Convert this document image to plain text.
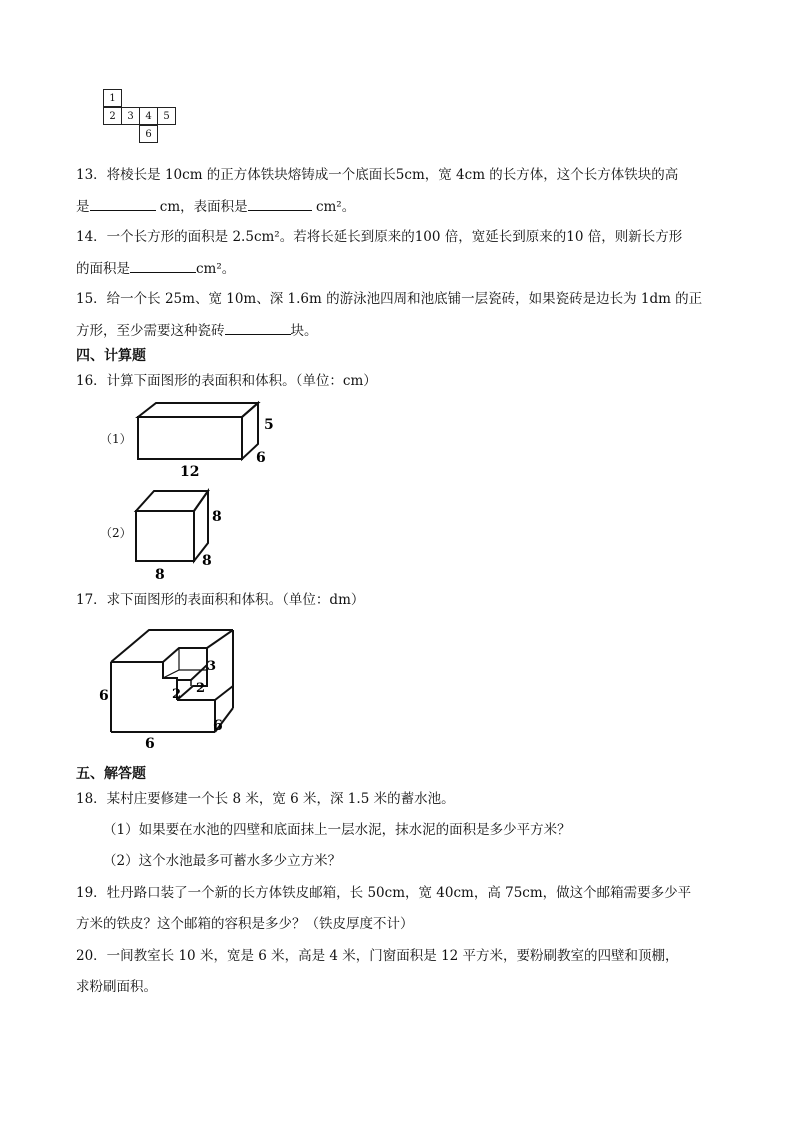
1
2	3	4	5
6
13．将棱长是 10cm 的正方体铁块熔铸成一个底面长5cm，宽 4cm 的长方体，这个长方体铁块的高
是	cm，表面积是	cm²。
14．一个长方形的面积是 2.5cm²。若将长延长到原来的100 倍，宽延长到原来的10 倍，则新长方形
的面积是	cm²。
15．给一个长 25m、宽 10m、深 1.6m 的游泳池四周和池底铺一层瓷砖，如果瓷砖是边长为 1dm 的正
方形，至少需要这种瓷砖	块。
四、计算题
16．计算下面图形的表面积和体积。（单位：cm）
（1）
5
6
12
（2）
8
8
8
17．求下面图形的表面积和体积。（单位：dm）
6
6
6
2 2
3
五、解答题
18．某村庄要修建一个长 8 米，宽 6 米，深 1.5 米的蓄水池。
（1）如果要在水池的四壁和底面抹上一层水泥，抹水泥的面积是多少平方米？
（2）这个水池最多可蓄水多少立方米？
19．牡丹路口装了一个新的长方体铁皮邮箱，长 50cm，宽 40cm，高 75cm，做这个邮箱需要多少平
方米的铁皮？这个邮箱的容积是多少？（铁皮厚度不计）
20．一间教室长 10 米，宽是 6 米，高是 4 米，门窗面积是 12 平方米，要粉刷教室的四壁和顶棚，
求粉刷面积。
